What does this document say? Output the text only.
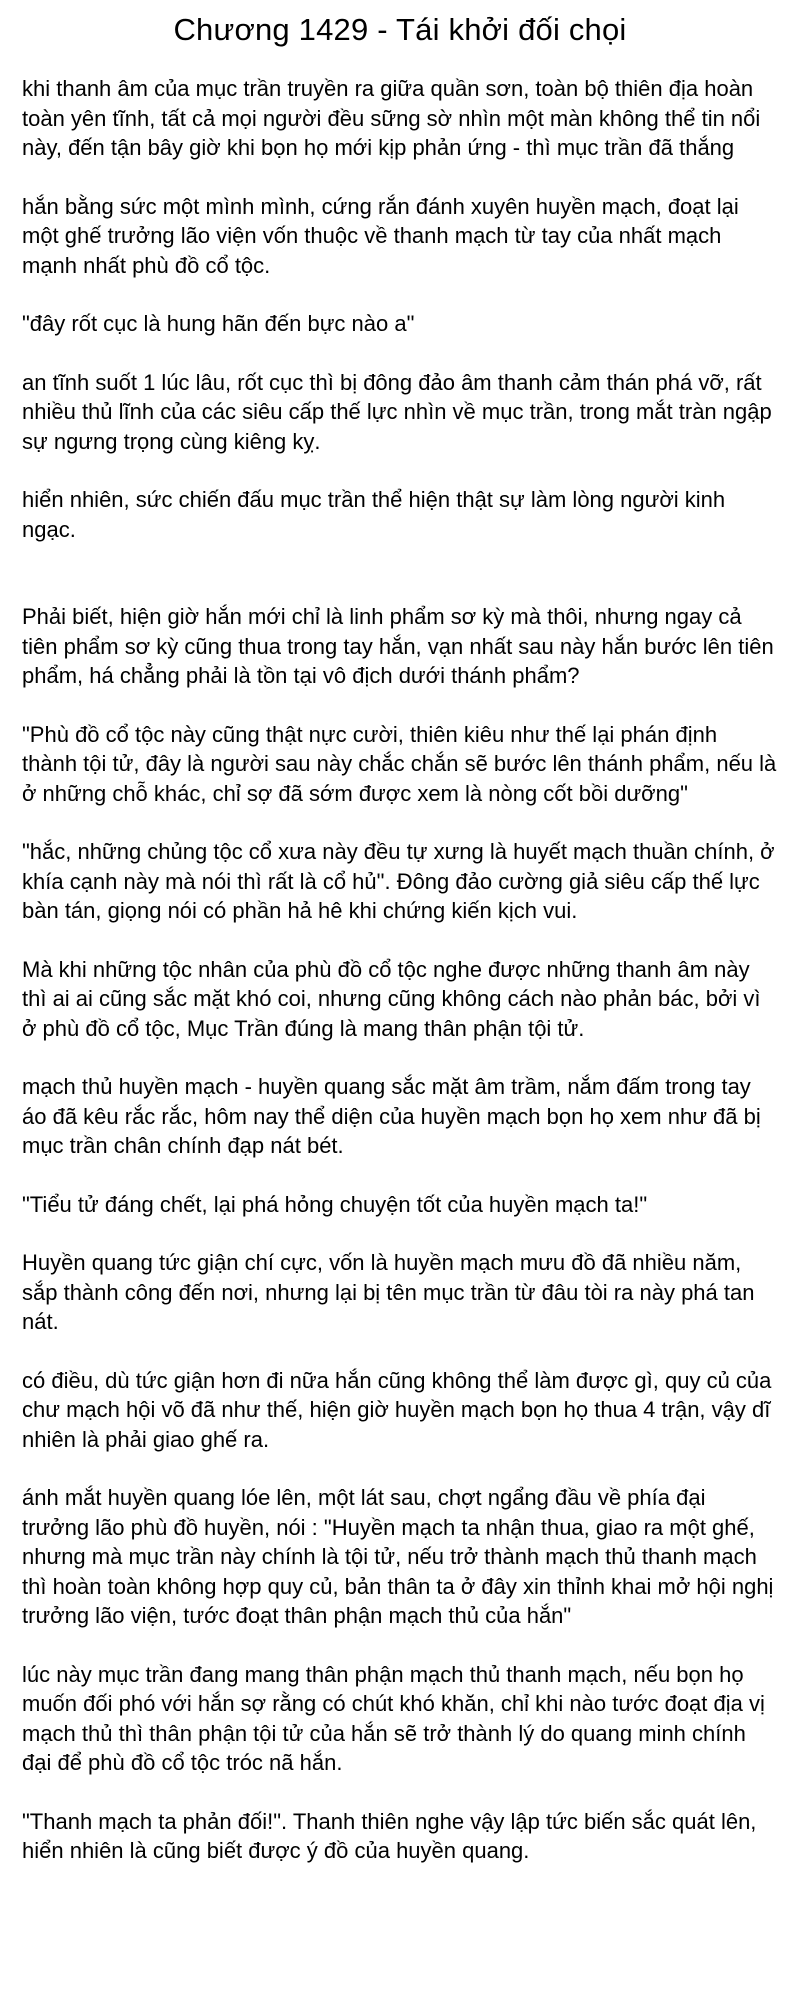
Chương 1429 - Tái khởi đối chọi

khi thanh âm của mục trần truyền ra giữa quần sơn, toàn bộ thiên địa hoàn toàn yên tĩnh, tất cả mọi người đều sững sờ nhìn một màn không thể tin nổi này, đến tận bây giờ khi bọn họ mới kịp phản ứng - thì mục trần đã thắng

hắn bằng sức một mình mình, cứng rắn đánh xuyên huyền mạch, đoạt lại một ghế trưởng lão viện vốn thuộc về thanh mạch từ tay của nhất mạch mạnh nhất phù đồ cổ tộc.

"đây rốt cục là hung hãn đến bực nào a"

an tĩnh suốt 1 lúc lâu, rốt cục thì bị đông đảo âm thanh cảm thán phá vỡ, rất nhiều thủ lĩnh của các siêu cấp thế lực nhìn về mục trần, trong mắt tràn ngập sự ngưng trọng cùng kiêng kỵ.

hiển nhiên, sức chiến đấu mục trần thể hiện thật sự làm lòng người kinh ngạc.

Phải biết, hiện giờ hắn mới chỉ là linh phẩm sơ kỳ mà thôi, nhưng ngay cả tiên phẩm sơ kỳ cũng thua trong tay hắn, vạn nhất sau này hắn bước lên tiên phẩm, há chẳng phải là tồn tại vô địch dưới thánh phẩm?

"Phù đồ cổ tộc này cũng thật nực cười, thiên kiêu như thế lại phán định thành tội tử, đây là người sau này chắc chắn sẽ bước lên thánh phẩm, nếu là ở những chỗ khác, chỉ sợ đã sớm được xem là nòng cốt bồi dưỡng"

"hắc, những chủng tộc cổ xưa này đều tự xưng là huyết mạch thuần chính, ở khía cạnh này mà nói thì rất là cổ hủ". Đông đảo cường giả siêu cấp thế lực bàn tán, giọng nói có phần hả hê khi chứng kiến kịch vui.

Mà khi những tộc nhân của phù đồ cổ tộc nghe được những thanh âm này thì ai ai cũng sắc mặt khó coi, nhưng cũng không cách nào phản bác, bởi vì ở phù đồ cổ tộc, Mục Trần đúng là mang thân phận tội tử.

mạch thủ huyền mạch - huyền quang sắc mặt âm trầm, nắm đấm trong tay áo đã kêu rắc rắc, hôm nay thể diện của huyền mạch bọn họ xem như đã bị mục trần chân chính đạp nát bét.

"Tiểu tử đáng chết, lại phá hỏng chuyện tốt của huyền mạch ta!"

Huyền quang tức giận chí cực, vốn là huyền mạch mưu đồ đã nhiều năm, sắp thành công đến nơi, nhưng lại bị tên mục trần từ đâu tòi ra này phá tan nát.

có điều, dù tức giận hơn đi nữa hắn cũng không thể làm được gì, quy củ của chư mạch hội võ đã như thế, hiện giờ huyền mạch bọn họ thua 4 trận, vậy dĩ nhiên là phải giao ghế ra.

ánh mắt huyền quang lóe lên, một lát sau, chợt ngẩng đầu về phía đại trưởng lão phù đồ huyền, nói : "Huyền mạch ta nhận thua, giao ra một ghế, nhưng mà mục trần này chính là tội tử, nếu trở thành mạch thủ thanh mạch thì hoàn toàn không hợp quy củ, bản thân ta ở đây xin thỉnh khai mở hội nghị trưởng lão viện, tước đoạt thân phận mạch thủ của hắn"

lúc này mục trần đang mang thân phận mạch thủ thanh mạch, nếu bọn họ muốn đối phó với hắn sợ rằng có chút khó khăn, chỉ khi nào tước đoạt địa vị mạch thủ thì thân phận tội tử của hắn sẽ trở thành lý do quang minh chính đại để phù đồ cổ tộc tróc nã hắn.

"Thanh mạch ta phản đối!". Thanh thiên nghe vậy lập tức biến sắc quát lên, hiển nhiên là cũng biết được ý đồ của huyền quang.
